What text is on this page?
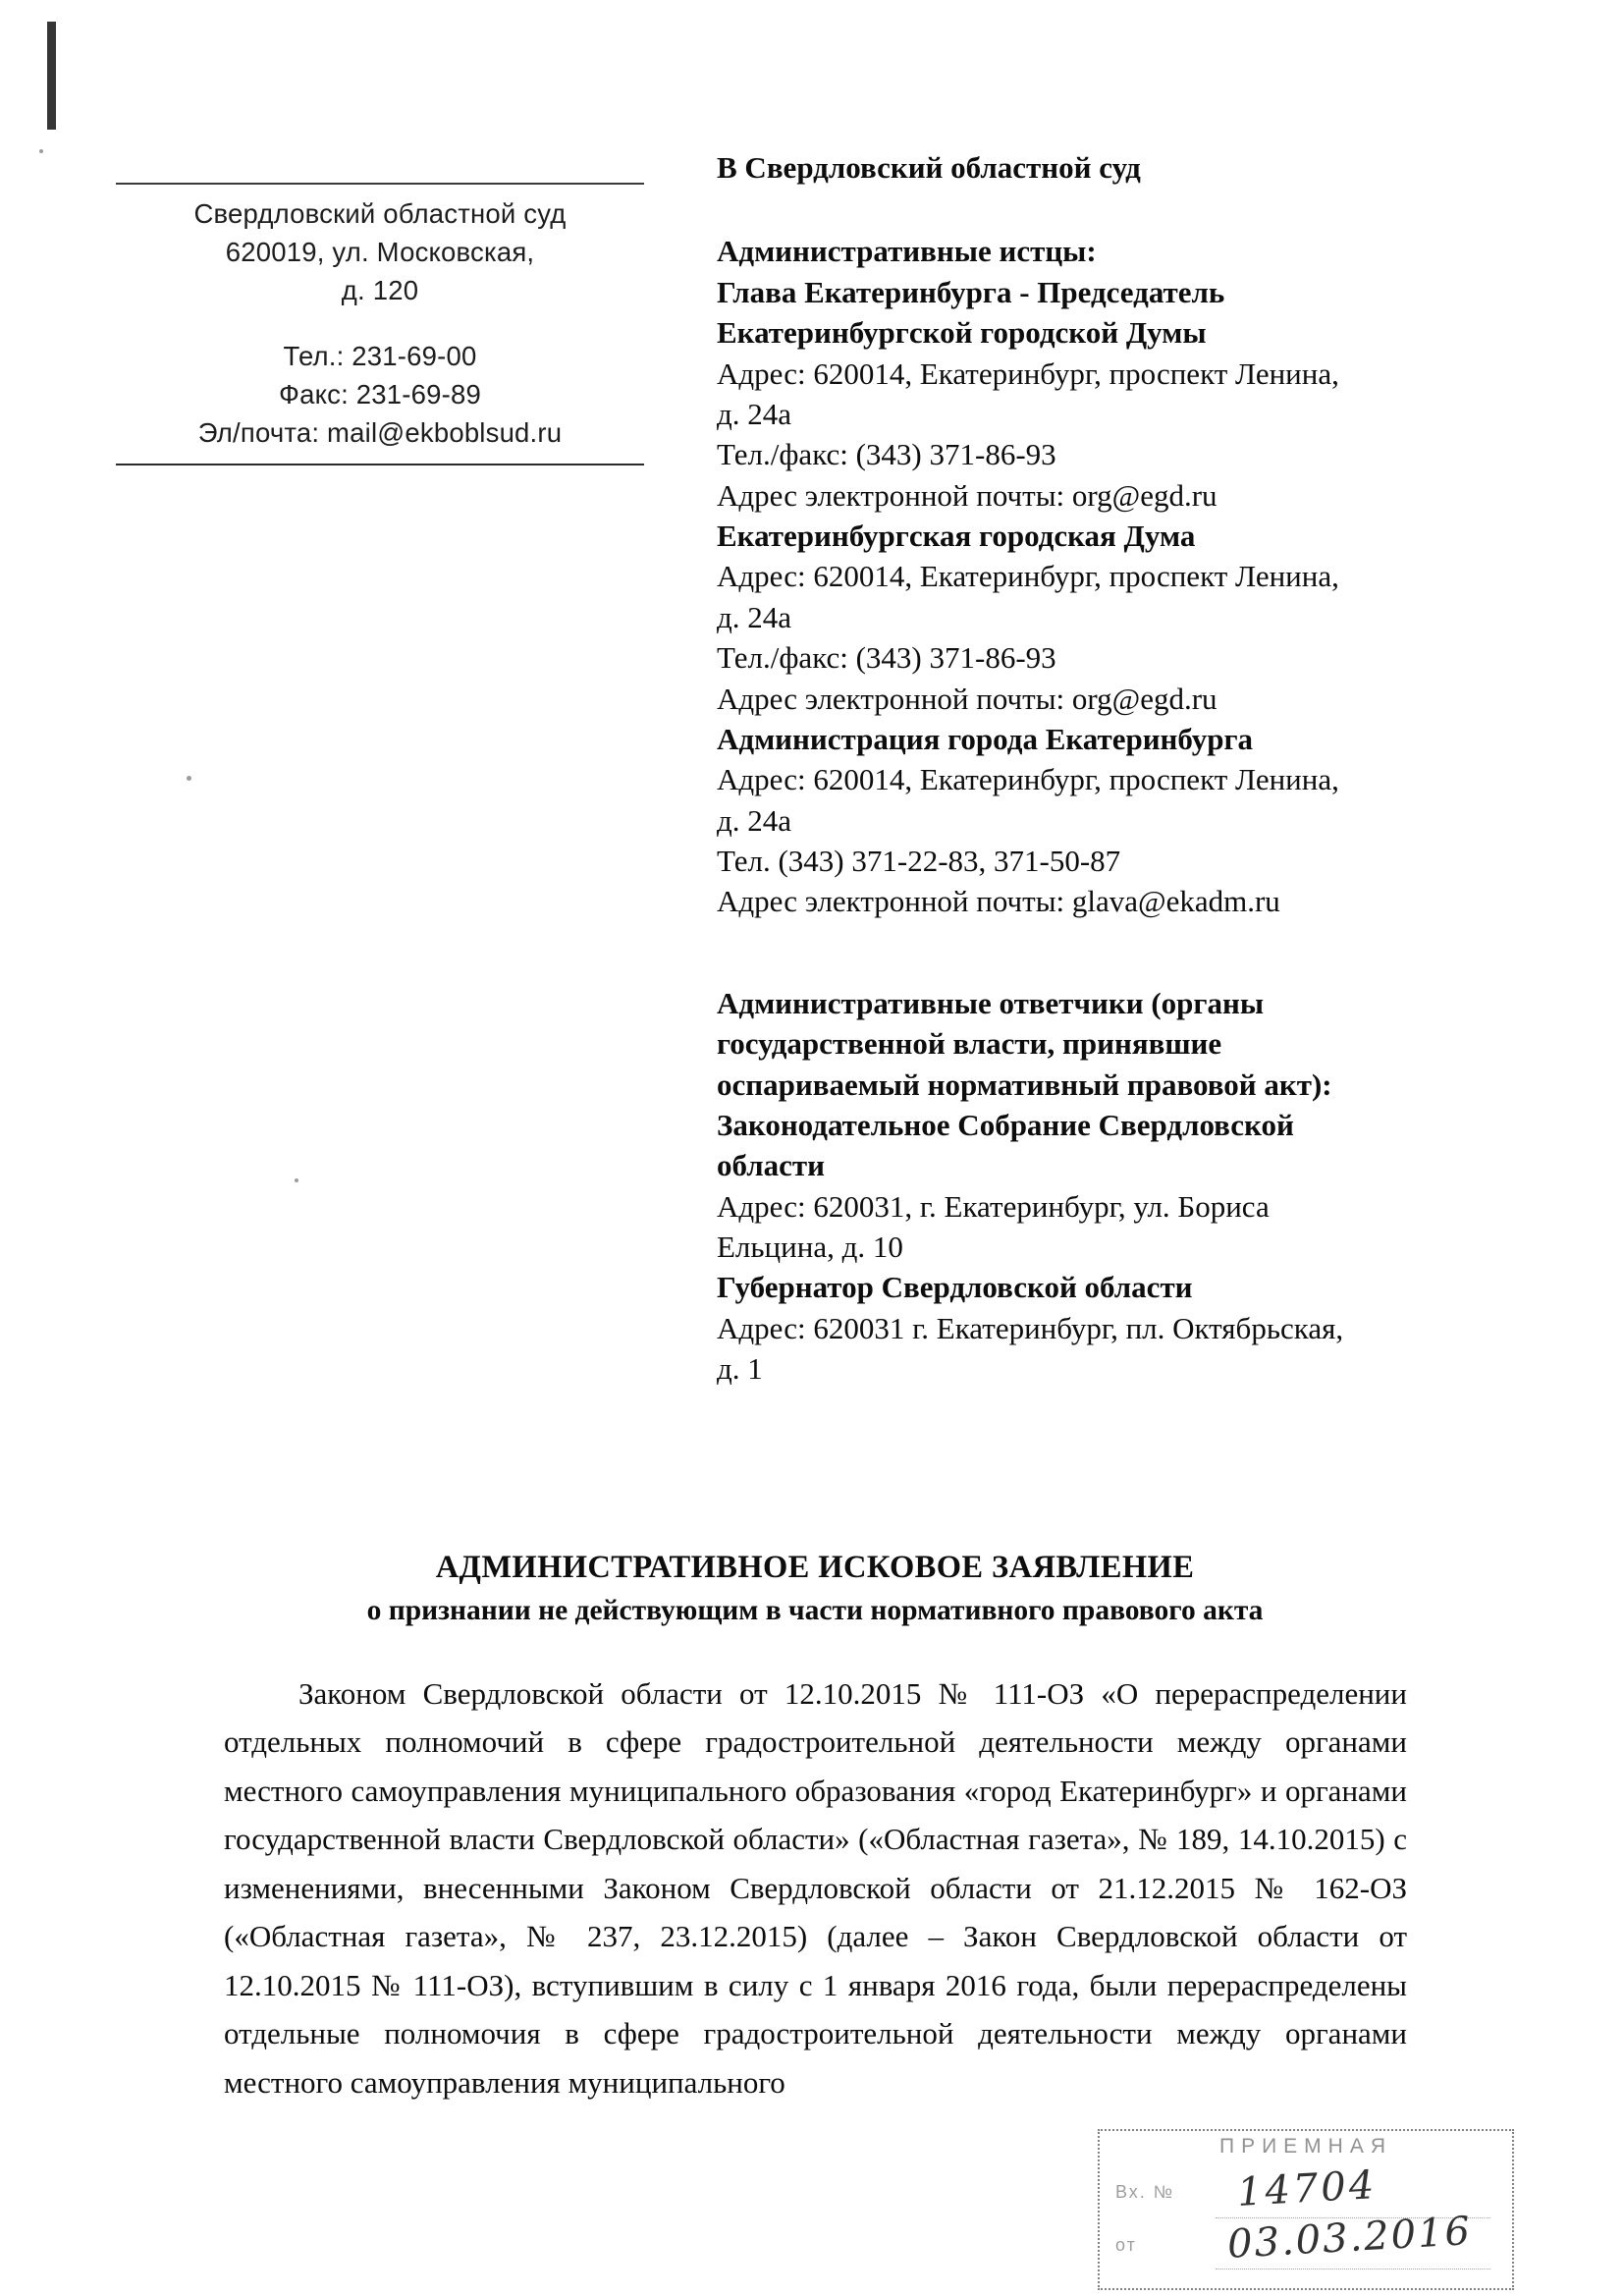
Свердловский областной суд
620019, ул. Московская,
д. 120
Тел.: 231-69-00
Факс: 231-69-89
Эл/почта: mail@ekboblsud.ru
В Свердловский областной суд
Административные истцы:
Глава Екатеринбурга - Председатель
Екатеринбургской городской Думы
Адрес: 620014, Екатеринбург, проспект Ленина,
д. 24а
Тел./факс: (343) 371-86-93
Адрес электронной почты: org@egd.ru
Екатеринбургская городская Дума
Адрес: 620014, Екатеринбург, проспект Ленина,
д. 24а
Тел./факс: (343) 371-86-93
Адрес электронной почты: org@egd.ru
Администрация города Екатеринбурга
Адрес: 620014, Екатеринбург, проспект Ленина,
д. 24а
Тел. (343) 371-22-83, 371-50-87
Адрес электронной почты: glava@ekadm.ru
Административные ответчики (органы
государственной власти, принявшие
оспариваемый нормативный правовой акт):
Законодательное Собрание Свердловской
области
Адрес: 620031, г. Екатеринбург, ул. Бориса
Ельцина, д. 10
Губернатор Свердловской области
Адрес: 620031 г. Екатеринбург, пл. Октябрьская,
д. 1
АДМИНИСТРАТИВНОЕ ИСКОВОЕ ЗАЯВЛЕНИЕ
о признании не действующим в части нормативного правового акта
Законом Свердловской области от 12.10.2015 № 111-ОЗ «О перераспределении отдельных полномочий в сфере градостроительной деятельности между органами местного самоуправления муниципального образования «город Екатеринбург» и органами государственной власти Свердловской области» («Областная газета», № 189, 14.10.2015) с изменениями, внесенными Законом Свердловской области от 21.12.2015 № 162-ОЗ («Областная газета», № 237, 23.12.2015) (далее – Закон Свердловской области от 12.10.2015 № 111-ОЗ), вступившим в силу с 1 января 2016 года, были перераспределены отдельные полномочия в сфере градостроительной деятельности между органами местного самоуправления муниципального
ПРИЕМНАЯ
Вх. №
от
14704
03.03.2016
